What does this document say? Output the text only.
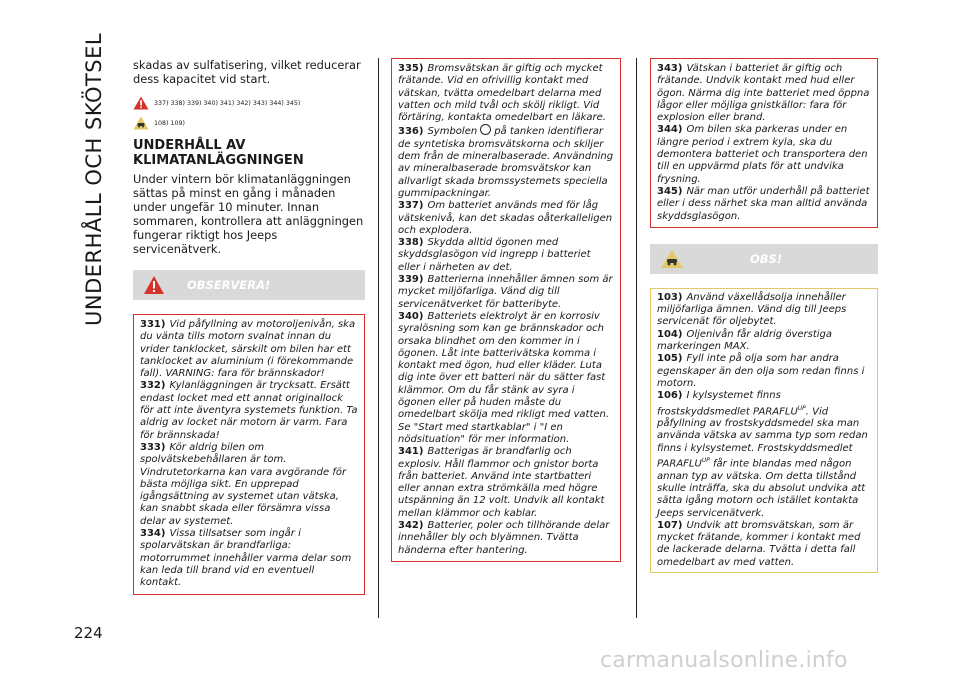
UNDERHÅLL OCH SKÖTSEL
224

skadas av sulfatisering, vilket reducerar dess kapacitet vid start.

337) 338) 339) 340) 341) 342) 343) 344) 345)
108) 109)
UNDERHÅLL AV KLIMATANLÄGGNINGEN

Under vintern bör klimatanläggningen sättas på minst en gång i månaden under ungefär 10 minuter. Innan sommaren, kontrollera att anläggningen fungerar riktigt hos Jeeps servicenätverk.

OBSERVERA!

331) Vid påfyllning av motoroljenivån, ska du vänta tills motorn svalnat innan du vrider tanklocket, särskilt om bilen har ett tanklocket av aluminium (i förekommande fall). VARNING: fara för brännskador!

332) Kylanläggningen är trycksatt. Ersätt endast locket med ett annat originallock för att inte äventyra systemets funktion. Ta aldrig av locket när motorn är varm. Fara för brännskada!

333) Kör aldrig bilen om spolvätskebehållaren är tom. Vindrutetorkarna kan vara avgörande för bästa möjliga sikt. En upprepad igångsättning av systemet utan vätska, kan snabbt skada eller försämra vissa delar av systemet.

334) Vissa tillsatser som ingår i spolarvätskan är brandfarliga: motorrummet innehåller varma delar som kan leda till brand vid en eventuell kontakt.

335) Bromsvätskan är giftig och mycket frätande. Vid en ofrivillig kontakt med vätskan, tvätta omedelbart delarna med vatten och mild tvål och skölj rikligt. Vid förtäring, kontakta omedelbart en läkare.

336) Symbolen på tanken identifierar de syntetiska bromsvätskorna och skiljer dem från de mineralbaserade. Användning av mineralbaserade bromsvätskor kan allvarligt skada bromssystemets speciella gummipackningar.

337) Om batteriet används med för låg vätskenivå, kan det skadas oåterkalleligen och explodera.

338) Skydda alltid ögonen med skyddsglasögon vid ingrepp i batteriet eller i närheten av det.

339) Batterierna innehåller ämnen som är mycket miljöfarliga. Vänd dig till servicenätverket för batteribyte.

340) Batteriets elektrolyt är en korrosiv syralösning som kan ge brännskador och orsaka blindhet om den kommer in i ögonen. Låt inte batterivätska komma i kontakt med ögon, hud eller kläder. Luta dig inte över ett batteri när du sätter fast klämmor. Om du får stänk av syra i ögonen eller på huden måste du omedelbart skölja med rikligt med vatten. Se "Start med startkablar" i "I en nödsituation" för mer information.

341) Batterigas är brandfarlig och explosiv. Håll flammor och gnistor borta från batteriet. Använd inte startbatteri eller annan extra strömkälla med högre utspänning än 12 volt. Undvik all kontakt mellan klämmor och kablar.

342) Batterier, poler och tillhörande delar innehåller bly och blyämnen. Tvätta händerna efter hantering.

343) Vätskan i batteriet är giftig och frätande. Undvik kontakt med hud eller ögon. Närma dig inte batteriet med öppna lågor eller möjliga gnistkällor: fara för explosion eller brand.

344) Om bilen ska parkeras under en längre period i extrem kyla, ska du demontera batteriet och transportera den till en uppvärmd plats för att undvika frysning.

345) När man utför underhåll på batteriet eller i dess närhet ska man alltid använda skyddsglasögon.

OBS!

103) Använd växellådsolja innehåller miljöfarliga ämnen. Vänd dig till Jeeps servicenät för oljebytet.

104) Oljenivån får aldrig överstiga markeringen MAX.

105) Fyll inte på olja som har andra egenskaper än den olja som redan finns i motorn.

106) I kylsystemet finns frostskyddsmedlet $PARAFLU^{UP}$. Vid påfyllning av frostskyddsmedel ska man använda vätska av samma typ som redan finns i kylsystemet. Frostskyddsmedlet $PARAFLU^{UP}$ får inte blandas med någon annan typ av vätska. Om detta tillstånd skulle inträffa, ska du absolut undvika att sätta igång motorn och istället kontakta Jeeps servicenätverk.

107) Undvik att bromsvätskan, som är mycket frätande, kommer i kontakt med de lackerade delarna. Tvätta i detta fall omedelbart av med vatten.

carmanualsonline.info
